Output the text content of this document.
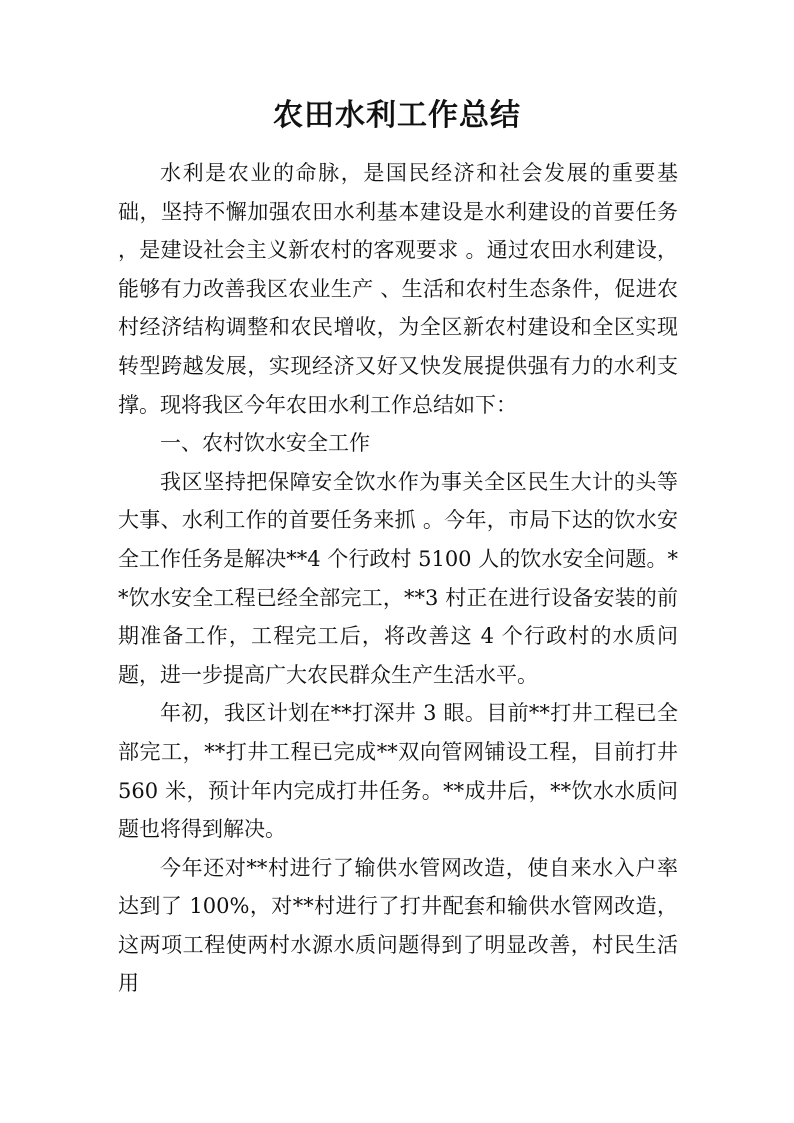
农田水利工作总结

水利是农业的命脉，是国民经济和社会发展的重要基础，坚持不懈加强农田水利基本建设是水利建设的首要任务 ，是建设社会主义新农村的客观要求 。通过农田水利建设，能够有力改善我区农业生产 、生活和农村生态条件，促进农村经济结构调整和农民增收，为全区新农村建设和全区实现转型跨越发展，实现经济又好又快发展提供强有力的水利支撑。现将我区今年农田水利工作总结如下：

一、农村饮水安全工作

我区坚持把保障安全饮水作为事关全区民生大计的头等大事、水利工作的首要任务来抓 。今年，市局下达的饮水安全工作任务是解决**4 个行政村 5100 人的饮水安全问题。**饮水安全工程已经全部完工，**3 村正在进行设备安装的前期准备工作，工程完工后，将改善这 4 个行政村的水质问题，进一步提高广大农民群众生产生活水平。

年初，我区计划在**打深井 3 眼。目前**打井工程已全部完工，**打井工程已完成**双向管网铺设工程，目前打井 560 米，预计年内完成打井任务。**成井后，**饮水水质问题也将得到解决。

今年还对**村进行了输供水管网改造，使自来水入户率达到了 100%，对**村进行了打井配套和输供水管网改造，这两项工程使两村水源水质问题得到了明显改善，村民生活用
